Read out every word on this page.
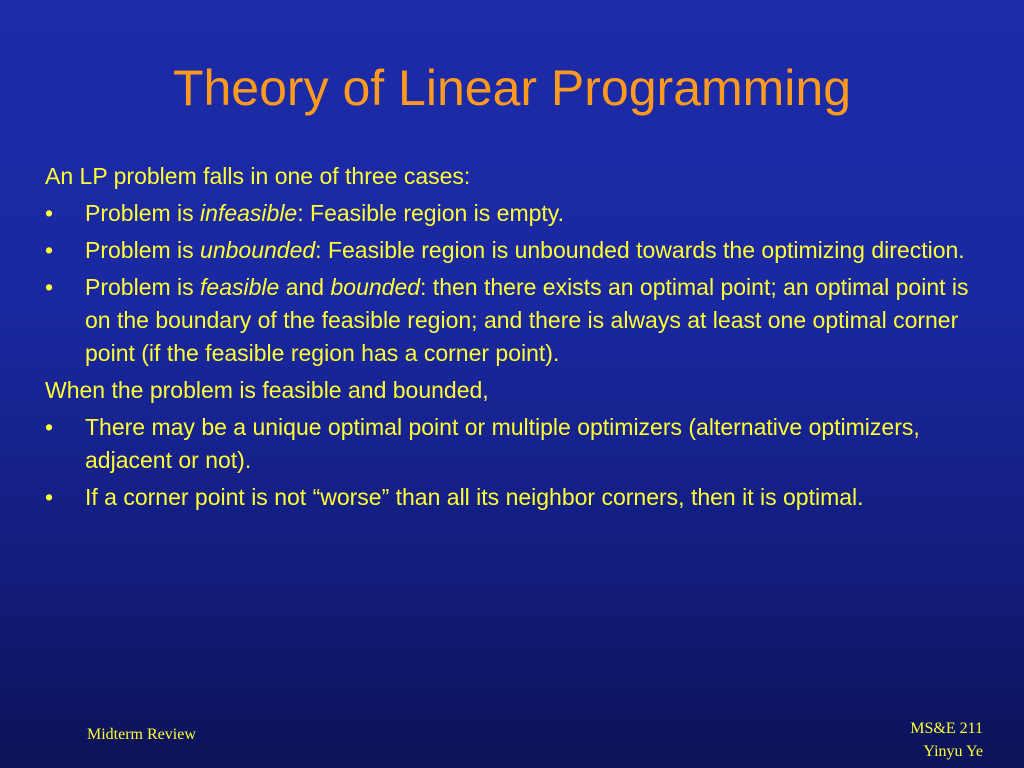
Theory of Linear Programming

An LP problem falls in one of three cases:

• Problem is infeasible: Feasible region is empty.
• Problem is unbounded: Feasible region is unbounded towards the optimizing direction.
• Problem is feasible and bounded: then there exists an optimal point; an optimal point is on the boundary of the feasible region; and there is always at least one optimal corner point (if the feasible region has a corner point).

When the problem is feasible and bounded,

• There may be a unique optimal point or multiple optimizers (alternative optimizers, adjacent or not).
• If a corner point is not “worse” than all its neighbor corners, then it is optimal.
Midterm Review	MS&E 211
Yinyu Ye
